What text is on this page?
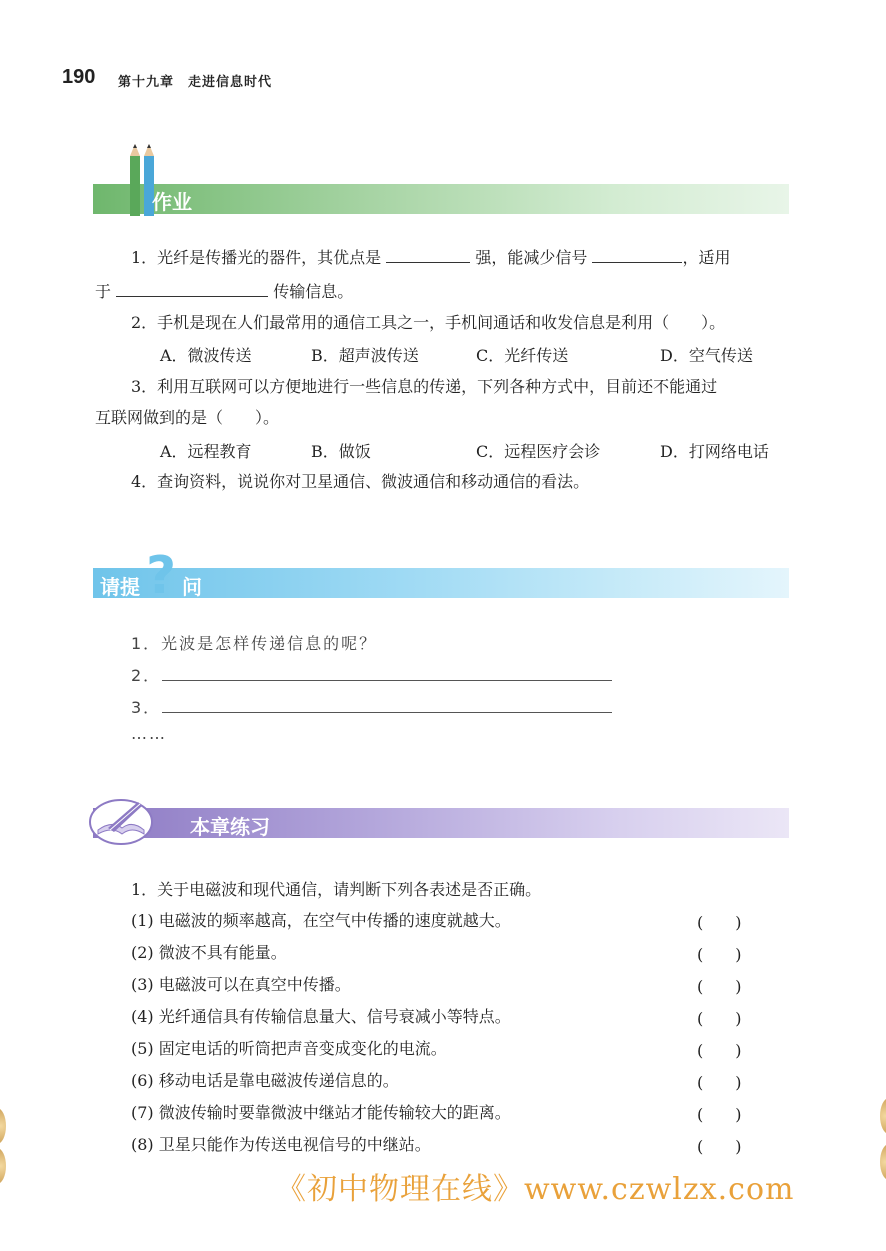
190 第十九章　走进信息时代
作业
1．光纤是传播光的器件，其优点是	强，能减少信号	，适用
于	传输信息。
2．手机是现在人们最常用的通信工具之一，手机间通话和收发信息是利用（　　）。
A．微波传送	B．超声波传送	C．光纤传送	D．空气传送
3．利用互联网可以方便地进行一些信息的传递，下列各种方式中，目前还不能通过
互联网做到的是（　　）。
A．远程教育	B．做饭	C．远程医疗会诊	D．打网络电话
4．查询资料，说说你对卫星通信、微波通信和移动通信的看法。
请提 ? 问
1．光波是怎样传递信息的呢？
2．
3．
……
本章练习
1．关于电磁波和现代通信，请判断下列各表述是否正确。
(1) 电磁波的频率越高，在空气中传播的速度就越大。	(　　)
(2) 微波不具有能量。	(　　)
(3) 电磁波可以在真空中传播。	(　　)
(4) 光纤通信具有传输信息量大、信号衰减小等特点。	(　　)
(5) 固定电话的听筒把声音变成变化的电流。	(　　)
(6) 移动电话是靠电磁波传递信息的。	(　　)
(7) 微波传输时要靠微波中继站才能传输较大的距离。	(　　)
(8) 卫星只能作为传送电视信号的中继站。	(　　)
《初中物理在线》www.czwlzx.com
